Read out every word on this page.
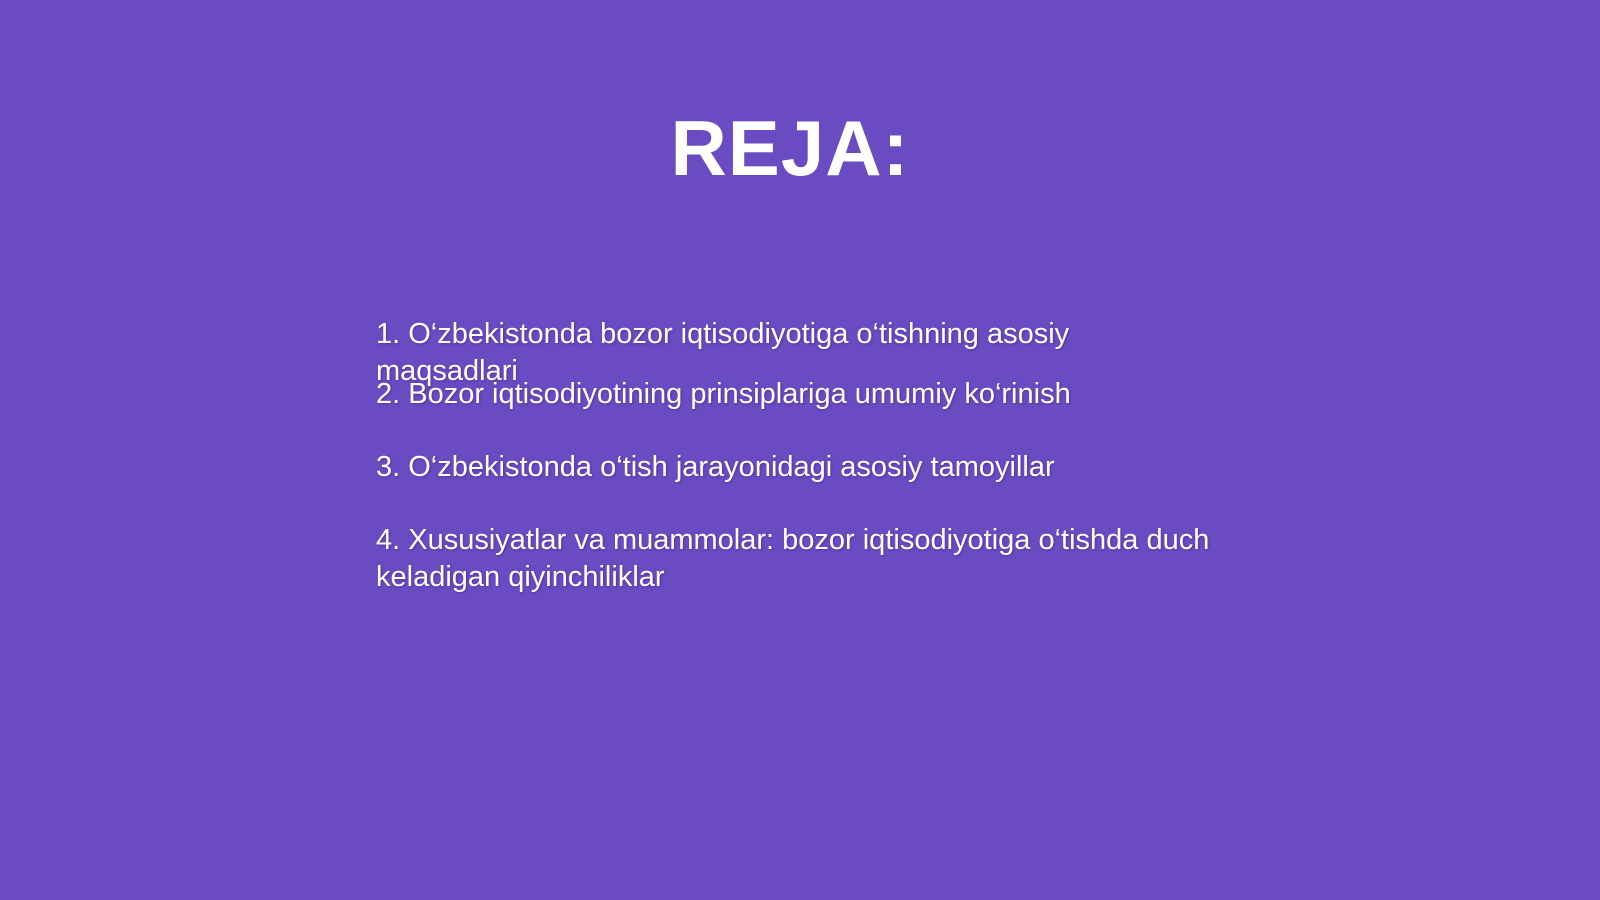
REJA:

1. O‘zbekistonda bozor iqtisodiyotiga o‘tishning asosiy maqsadlari

2. Bozor iqtisodiyotining prinsiplariga umumiy ko‘rinish

3. O‘zbekistonda o‘tish jarayonidagi asosiy tamoyillar

4. Xususiyatlar va muammolar: bozor iqtisodiyotiga o‘tishda duch keladigan qiyinchiliklar
